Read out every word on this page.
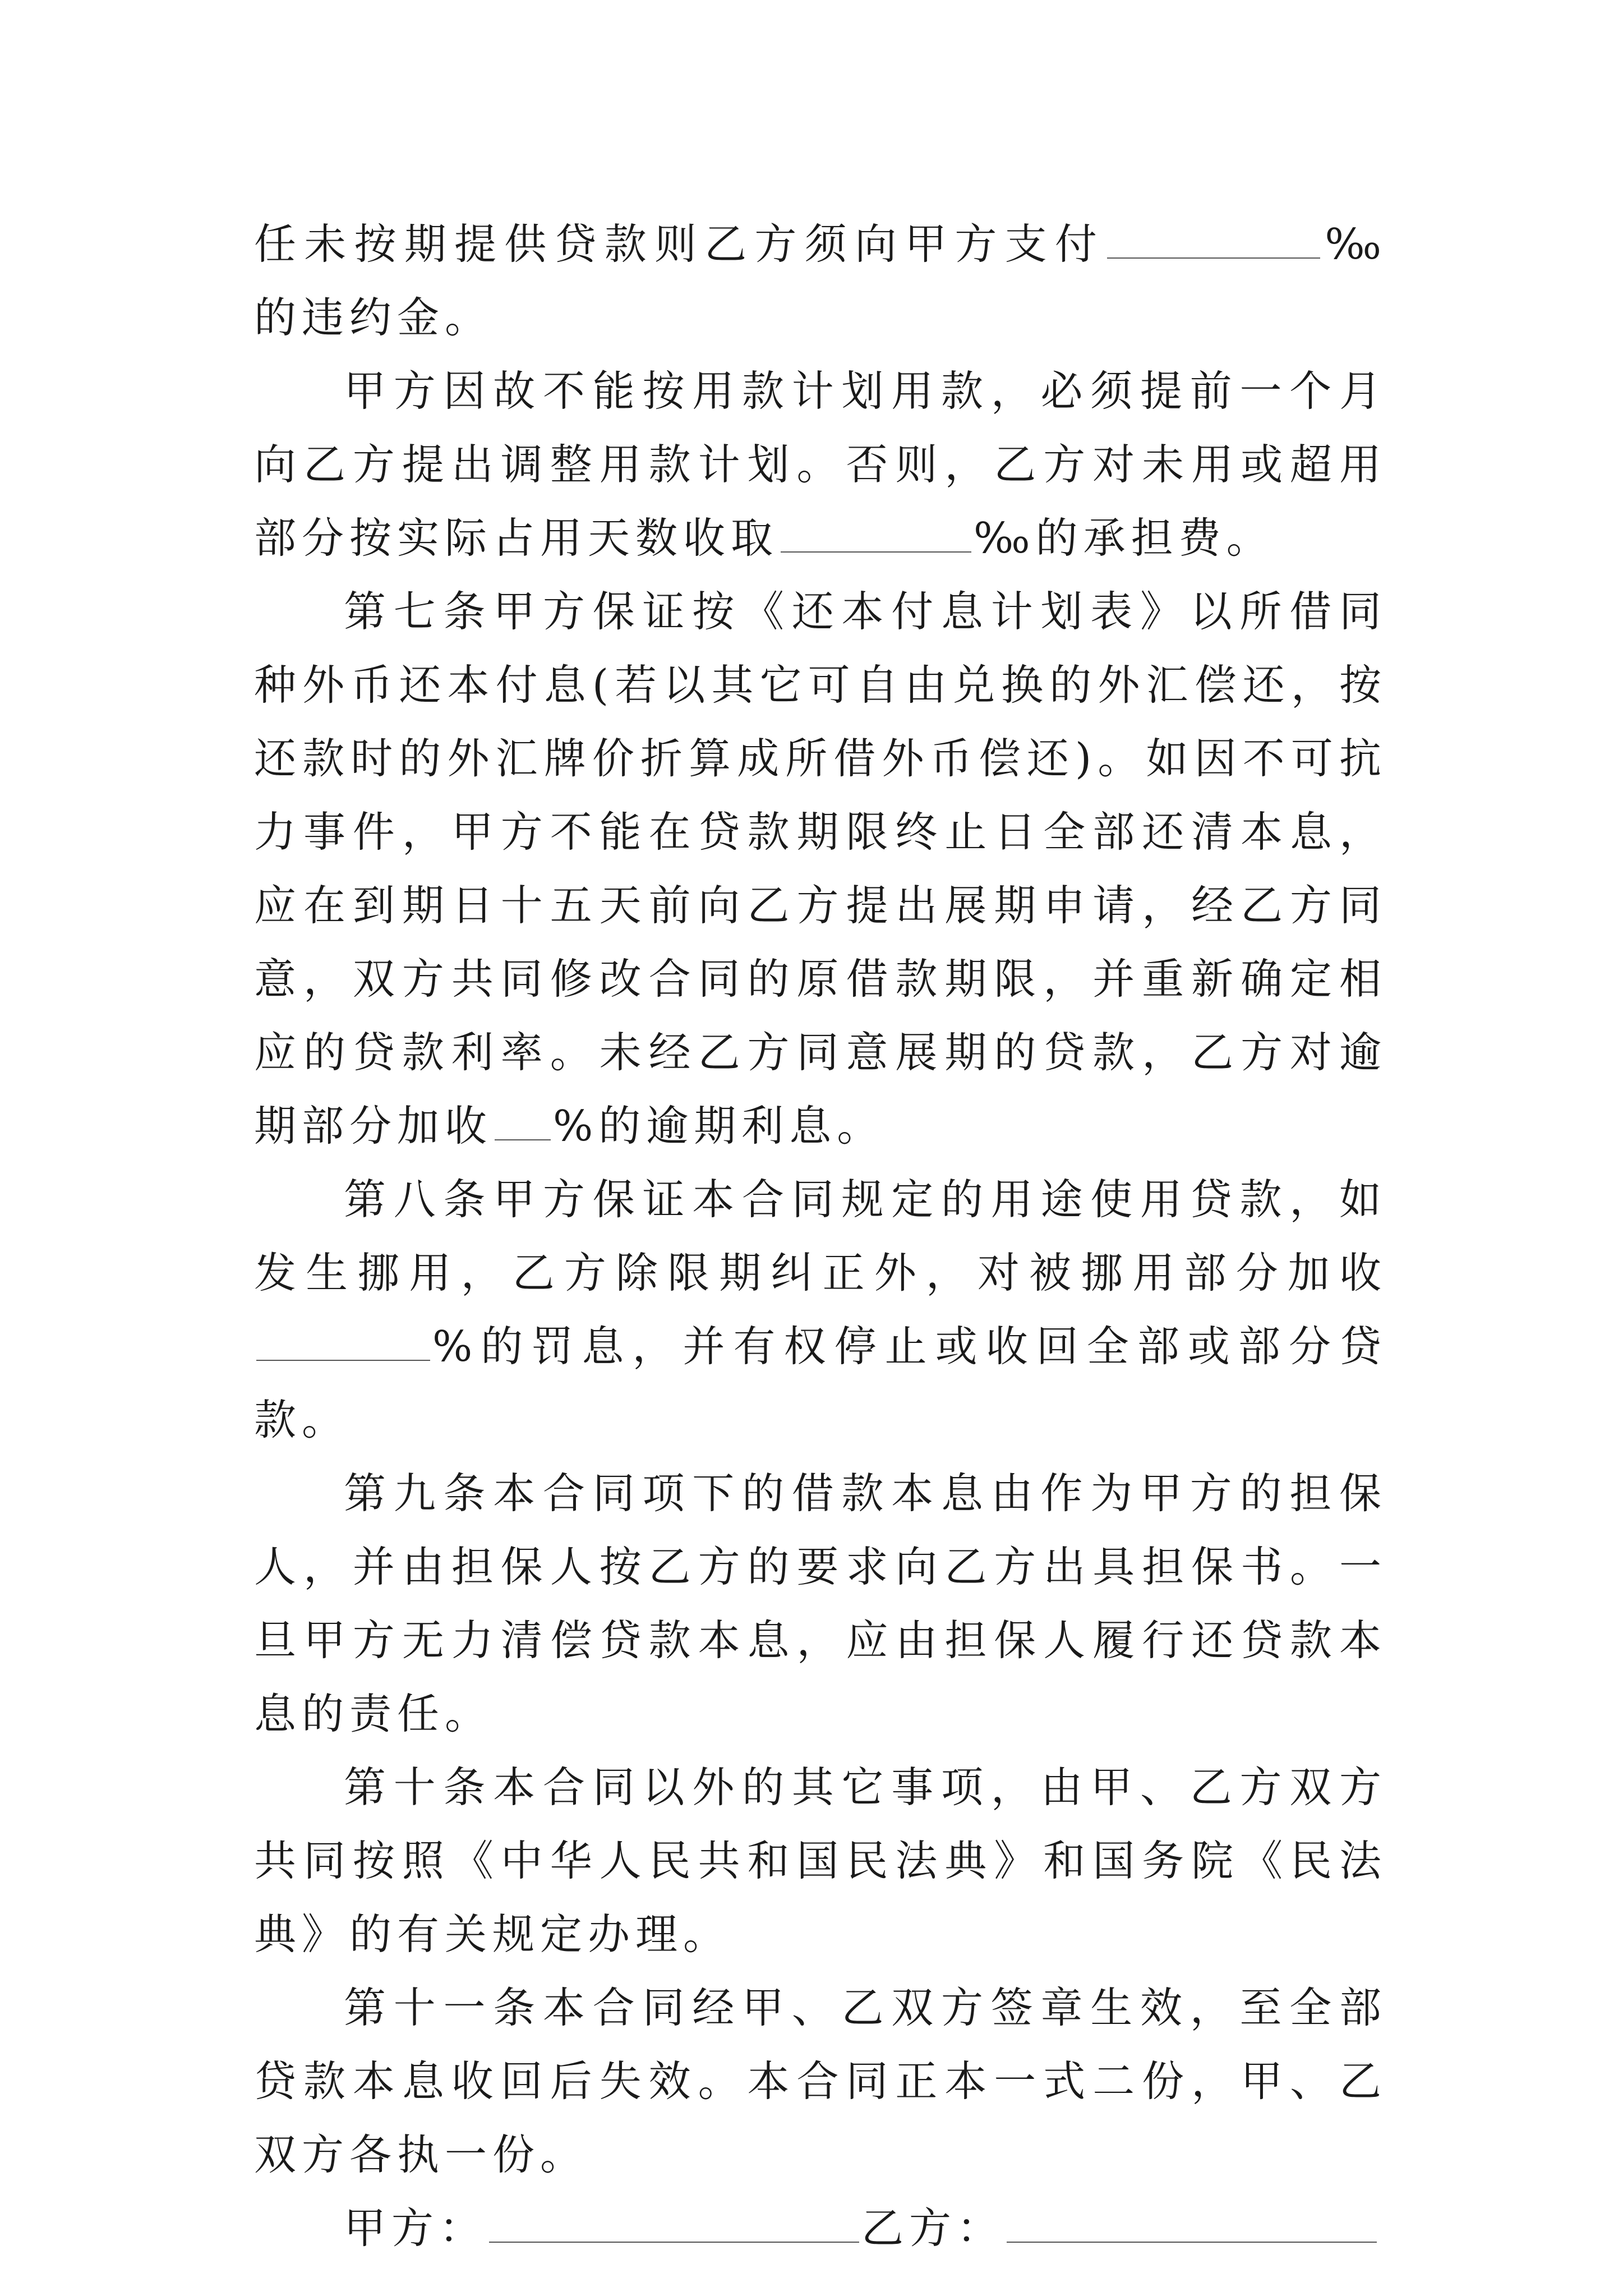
任未按期提供贷款则乙方须向甲方支付	‰的违约金。

甲方因故不能按用款计划用款，必须提前一个月向乙方提出调整用款计划。否则，乙方对未用或超用部分按实际占用天数收取	‰的承担费。

第七条甲方保证按《还本付息计划表》以所借同种外币还本付息(若以其它可自由兑换的外汇偿还，按还款时的外汇牌价折算成所借外币偿还)。如因不可抗力事件，甲方不能在贷款期限终止日全部还清本息，应在到期日十五天前向乙方提出展期申请，经乙方同意，双方共同修改合同的原借款期限，并重新确定相应的贷款利率。未经乙方同意展期的贷款，乙方对逾期部分加收 %的逾期利息。

第八条甲方保证本合同规定的用途使用贷款，如发生挪用，乙方除限期纠正外，对被挪用部分加收%的罚息，并有权停止或收回全部或部分贷款。

第九条本合同项下的借款本息由作为甲方的担保人，并由担保人按乙方的要求向乙方出具担保书。一旦甲方无力清偿贷款本息，应由担保人履行还贷款本息的责任。

第十条本合同以外的其它事项，由甲、乙方双方共同按照《中华人民共和国民法典》和国务院《民法典》的有关规定办理。

第十一条本合同经甲、乙双方签章生效，至全部贷款本息收回后失效。本合同正本一式二份，甲、乙双方各执一份。

甲方：	乙方：
